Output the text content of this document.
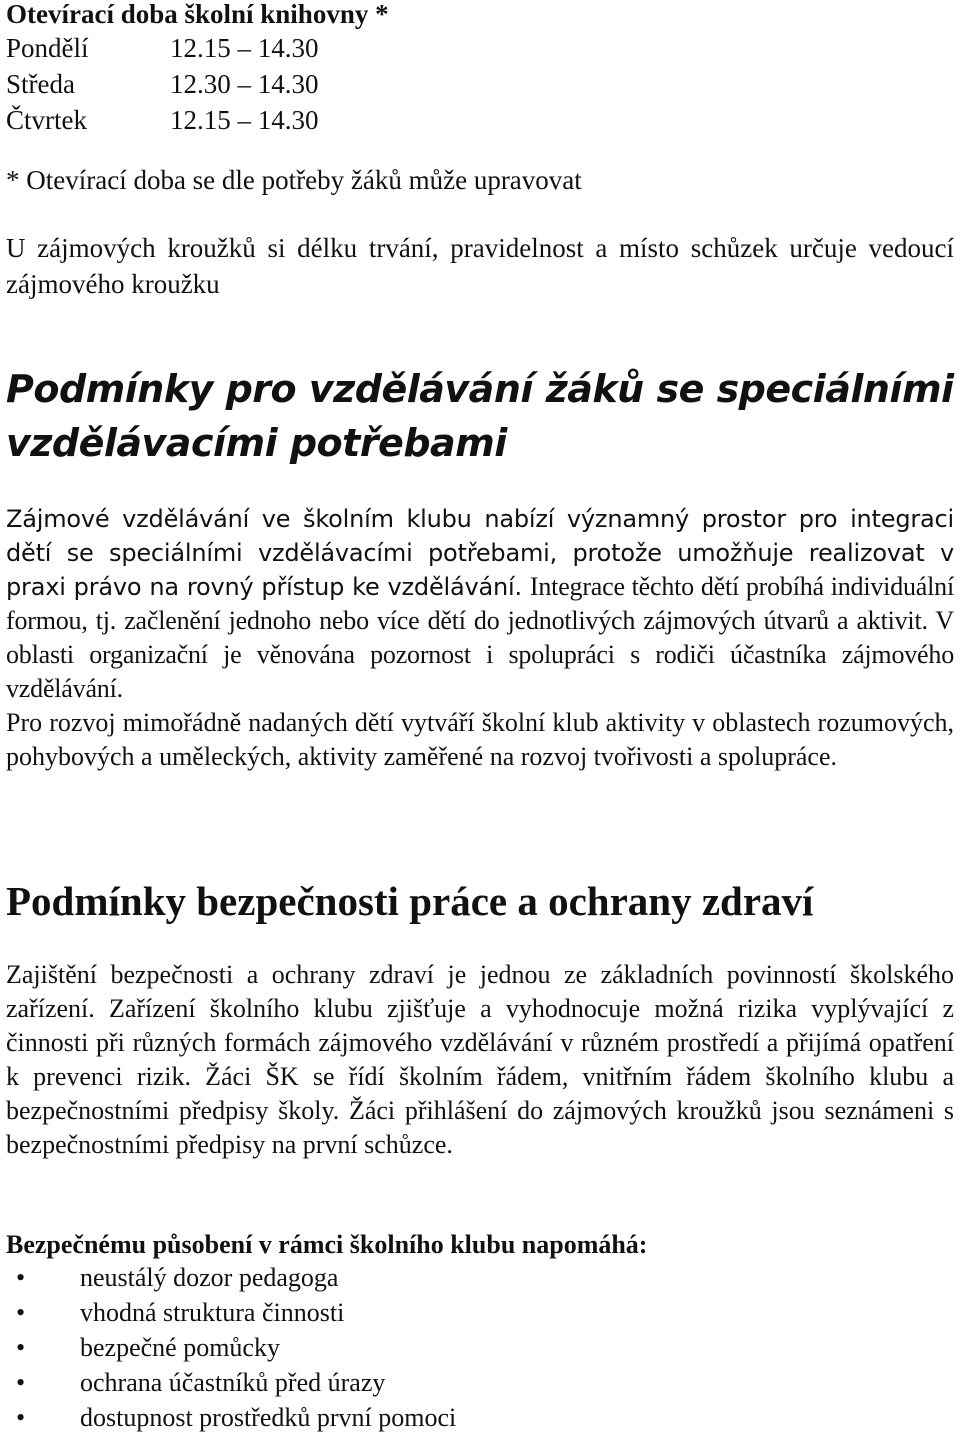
Otevírací doba školní knihovny *
Pondělí	12.15 – 14.30
Středa	12.30 – 14.30
Čtvrtek	12.15 – 14.30

* Otevírací doba se dle potřeby žáků může upravovat

U zájmových kroužků si délku trvání, pravidelnost a místo schůzek určuje vedoucí zájmového kroužku

Podmínky pro vzdělávání žáků se speciálními vzdělávacími potřebami

Zájmové vzdělávání ve školním klubu nabízí významný prostor pro integraci dětí se speciálními vzdělávacími potřebami, protože umožňuje realizovat v praxi právo na rovný přístup ke vzdělávání. Integrace těchto dětí probíhá individuální formou, tj. začlenění jednoho nebo více dětí do jednotlivých zájmových útvarů a aktivit. V oblasti organizační je věnována pozornost i spolupráci s rodiči účastníka zájmového vzdělávání.

Pro rozvoj mimořádně nadaných dětí vytváří školní klub aktivity v oblastech rozumových, pohybových a uměleckých, aktivity zaměřené na rozvoj tvořivosti a spolupráce.

Podmínky bezpečnosti práce a ochrany zdraví

Zajištění bezpečnosti a ochrany zdraví je jednou ze základních povinností školského zařízení. Zařízení školního klubu zjišťuje a vyhodnocuje možná rizika vyplývající z činnosti při různých formách zájmového vzdělávání v různém prostředí a přijímá opatření k prevenci rizik. Žáci ŠK se řídí školním řádem, vnitřním řádem školního klubu a bezpečnostními předpisy školy. Žáci přihlášení do zájmových kroužků jsou seznámeni s bezpečnostními předpisy na první schůzce.

Bezpečnému působení v rámci školního klubu napomáhá:

• neustálý dozor pedagoga
• vhodná struktura činnosti
• bezpečné pomůcky
• ochrana účastníků před úrazy
• dostupnost prostředků první pomoci
